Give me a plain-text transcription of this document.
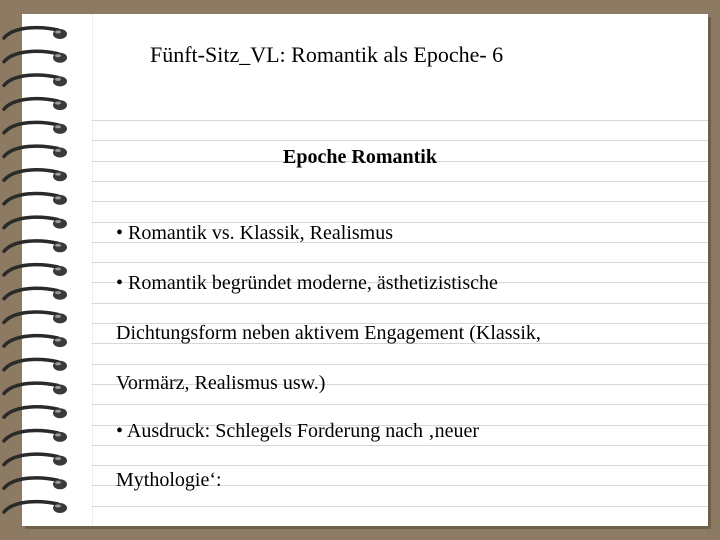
Fünft-Sitz_VL: Romantik als Epoche- 6
Epoche Romantik
• Romantik vs. Klassik, Realismus
• Romantik begründet moderne, ästhetizistische
Dichtungsform neben aktivem Engagement (Klassik,
Vormärz, Realismus usw.)
• Ausdruck: Schlegels Forderung nach ‚neuer
Mythologie‘:
